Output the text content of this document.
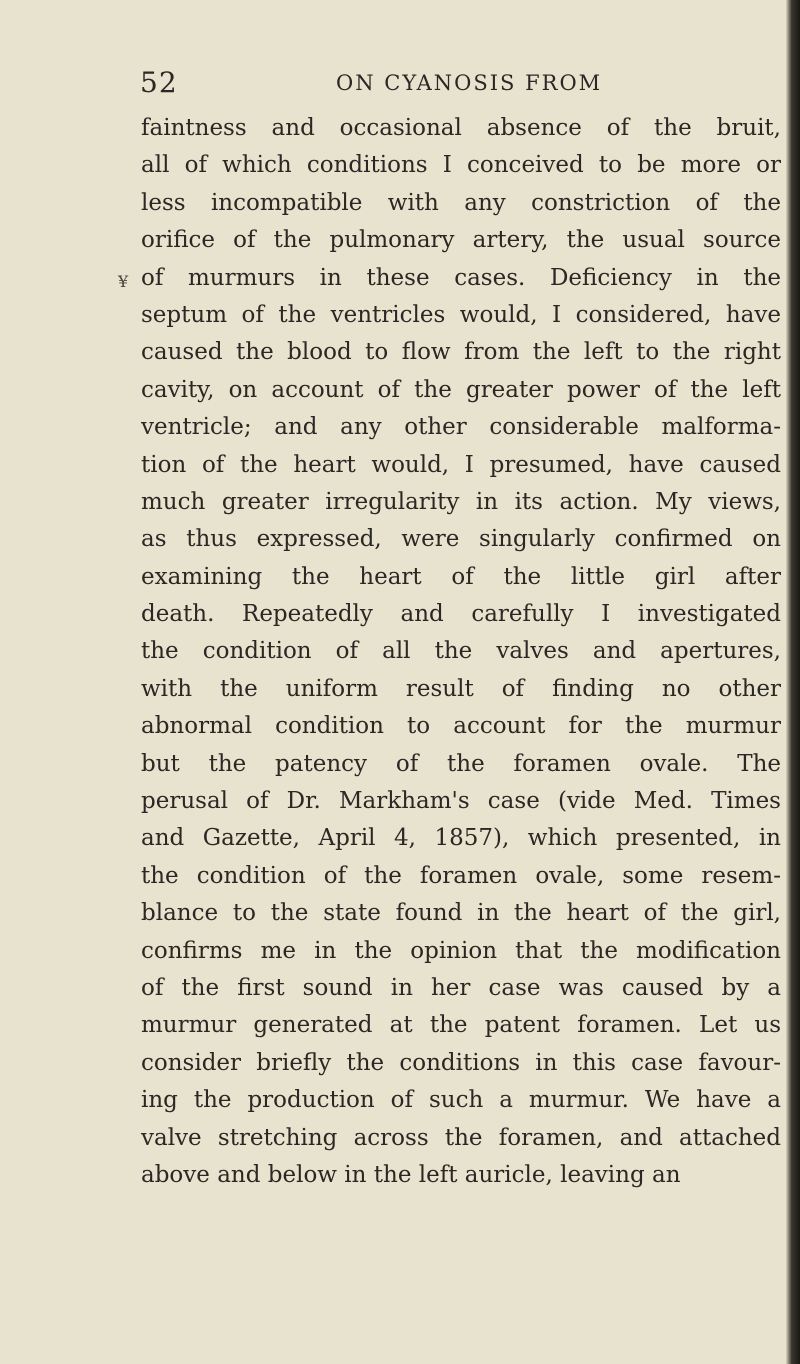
52	ON CYANOSIS FROM
¥
faintness and occasional absence of the bruit,
all of which conditions I conceived to be more or
less incompatible with any constriction of the
orifice of the pulmonary artery, the usual source
of murmurs in these cases. Deficiency in the
septum of the ventricles would, I considered, have
caused the blood to flow from the left to the right
cavity, on account of the greater power of the left
ventricle; and any other considerable malforma-
tion of the heart would, I presumed, have caused
much greater irregularity in its action. My views,
as thus expressed, were singularly confirmed on
examining the heart of the little girl after
death. Repeatedly and carefully I investigated
the condition of all the valves and apertures,
with the uniform result of finding no other
abnormal condition to account for the murmur
but the patency of the foramen ovale. The
perusal of Dr. Markham's case (vide Med. Times
and Gazette, April 4, 1857), which presented, in
the condition of the foramen ovale, some resem-
blance to the state found in the heart of the girl,
confirms me in the opinion that the modification
of the first sound in her case was caused by a
murmur generated at the patent foramen. Let us
consider briefly the conditions in this case favour-
ing the production of such a murmur. We have a
valve stretching across the foramen, and attached
above and below in the left auricle, leaving an
